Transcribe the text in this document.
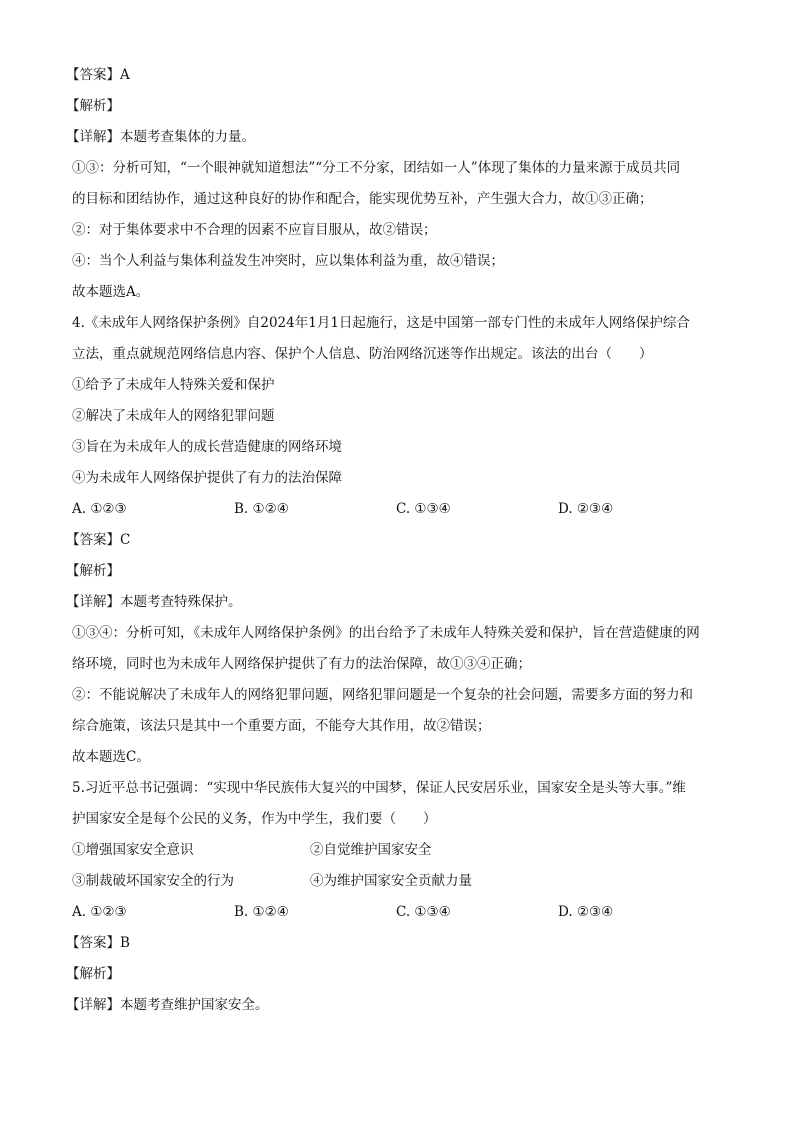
【答案】A
【解析】
【详解】本题考查集体的力量。
①③：分析可知，“一个眼神就知道想法”“分工不分家，团结如一人”体现了集体的力量来源于成员共同
的目标和团结协作，通过这种良好的协作和配合，能实现优势互补，产生强大合力，故①③正确；
②：对于集体要求中不合理的因素不应盲目服从，故②错误；
④：当个人利益与集体利益发生冲突时，应以集体利益为重，故④错误；
故本题选A。
4.《未成年人网络保护条例》自2024年1月1日起施行，这是中国第一部专门性的未成年人网络保护综合
立法，重点就规范网络信息内容、保护个人信息、防治网络沉迷等作出规定。该法的出台（　　）
①给予了未成年人特殊关爱和保护
②解决了未成年人的网络犯罪问题
③旨在为未成年人的成长营造健康的网络环境
④为未成年人网络保护提供了有力的法治保障
A. ①②③	B. ①②④	C. ①③④	D. ②③④
【答案】C
【解析】
【详解】本题考查特殊保护。
①③④：分析可知，《未成年人网络保护条例》的出台给予了未成年人特殊关爱和保护，旨在营造健康的网
络环境，同时也为未成年人网络保护提供了有力的法治保障，故①③④正确；
②：不能说解决了未成年人的网络犯罪问题，网络犯罪问题是一个复杂的社会问题，需要多方面的努力和
综合施策，该法只是其中一个重要方面，不能夸大其作用，故②错误；
故本题选C。
5.习近平总书记强调：“实现中华民族伟大复兴的中国梦，保证人民安居乐业，国家安全是头等大事。”维
护国家安全是每个公民的义务，作为中学生，我们要（　　）
①增强国家安全意识	②自觉维护国家安全
③制裁破坏国家安全的行为	④为维护国家安全贡献力量
A. ①②③	B. ①②④	C. ①③④	D. ②③④
【答案】B
【解析】
【详解】本题考查维护国家安全。
